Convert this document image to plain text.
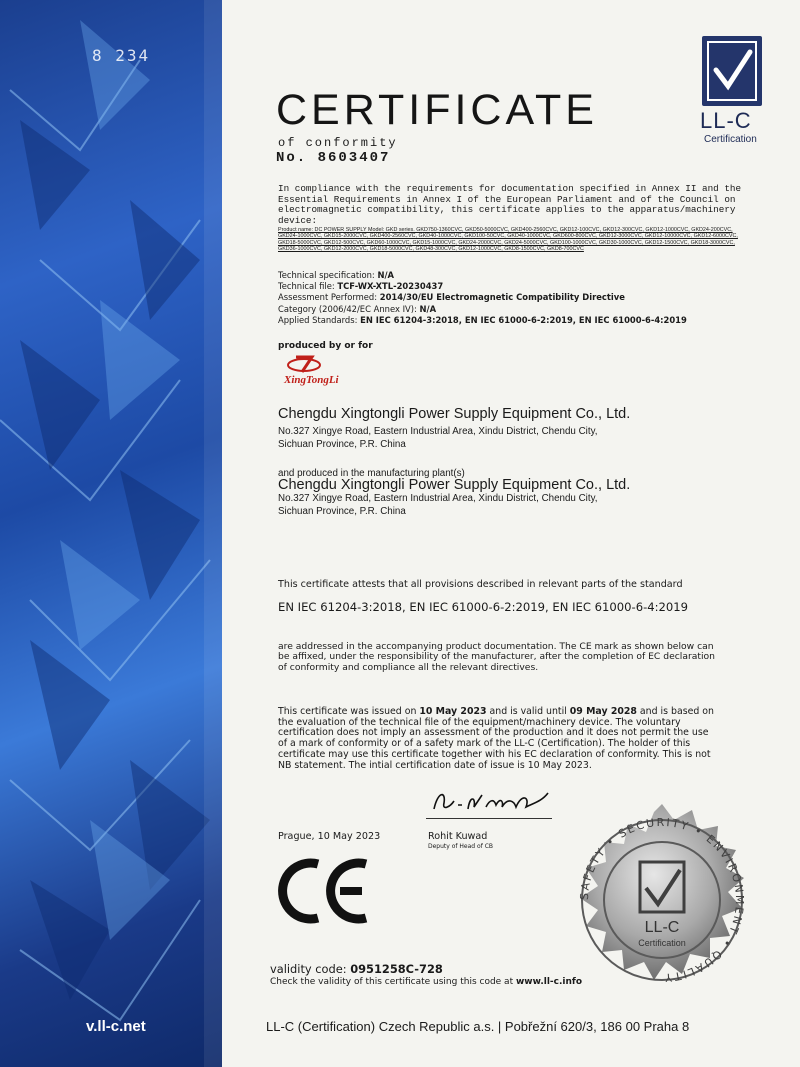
8 234
v.ll-c.net
LL-C
Certification
CERTIFICATE
of conformity
No. 8603407

In compliance with the requirements for documentation specified in Annex II and the Essential Requirements in Annex I of the European Parliament and of the Council on electromagnetic compatibility, this certificate applies to the apparatus/machinery device:

Product name: DC POWER SUPPLY Model: GKD series. GKD750-1360CVC, GKD50-5000CVC, GKD400-2560CVC, GKD12-100CVC, GKD12-300CVC, GKD12-1000CVC, GKD24-200CVC, GKD24-1000CVC, GKD15-2000CVC, GKD400-2560CVC, GKD40-1000CVC, GKD100-50CVC, GKD40-1000CVC, GKD600-800CVC, GKD12-3000CVC, GKD12-10000CVC, GKD12-6000CVC, GKD18-5000CVC, GKD12-500CVC, GKD60-1000CVC, GKD15-1000CVC, GKD24-2000CVC, GKD24-5000CVC, GKD100-1000CVC, GKD30-1000CVC, GKD12-1500CVC, GKD18-3000CVC, GKD36-1000CVC, GKD12-2000CVC, GKD18-5000CVC, GKD48-300CVC, GKD12-1000CVC, GKD8-1500CVC, GKD8-700CVC

Technical specification: N/A
Technical file: TCF-WX-XTL-20230437
Assessment Performed: 2014/30/EU Electromagnetic Compatibility Directive
Category (2006/42/EC Annex IV): N/A
Applied Standards: EN IEC 61204-3:2018, EN IEC 61000-6-2:2019, EN IEC 61000-6-4:2019
produced by or for
XingTongLi
Chengdu Xingtongli Power Supply Equipment Co., Ltd.
No.327 Xingye Road, Eastern Industrial Area, Xindu District, Chendu City,
Sichuan Province, P.R. China
and produced in the manufacturing plant(s)
Chengdu Xingtongli Power Supply Equipment Co., Ltd.
No.327 Xingye Road, Eastern Industrial Area, Xindu District, Chendu City,
Sichuan Province, P.R. China

This certificate attests that all provisions described in relevant parts of the standard

EN IEC 61204-3:2018, EN IEC 61000-6-2:2019, EN IEC 61000-6-4:2019

are addressed in the accompanying product documentation. The CE mark as shown below can be affixed, under the responsibility of the manufacturer, after the completion of EC declaration of conformity and compliance all the relevant directives.

This certificate was issued on 10 May 2023 and is valid until 09 May 2028 and is based on the evaluation of the technical file of the equipment/machinery device. The voluntary certification does not imply an assessment of the production and it does not permit the use of a mark of conformity or of a safety mark of the LL-C (Certification). The holder of this certificate may use this certificate together with his EC declaration of conformity. This is not NB statement. The intial certification date of issue is 10 May 2023.

Prague, 10 May 2023	Rohit Kuwad
Deputy of Head of CB
SAFETY • SECURITY • ENVIRONMENT • QUALITY
LL-C
Certification
validity code: 0951258C-728
Check the validity of this certificate using this code at www.ll-c.info
LL-C (Certification) Czech Republic a.s. | Pobřežní 620/3, 186 00 Praha 8
